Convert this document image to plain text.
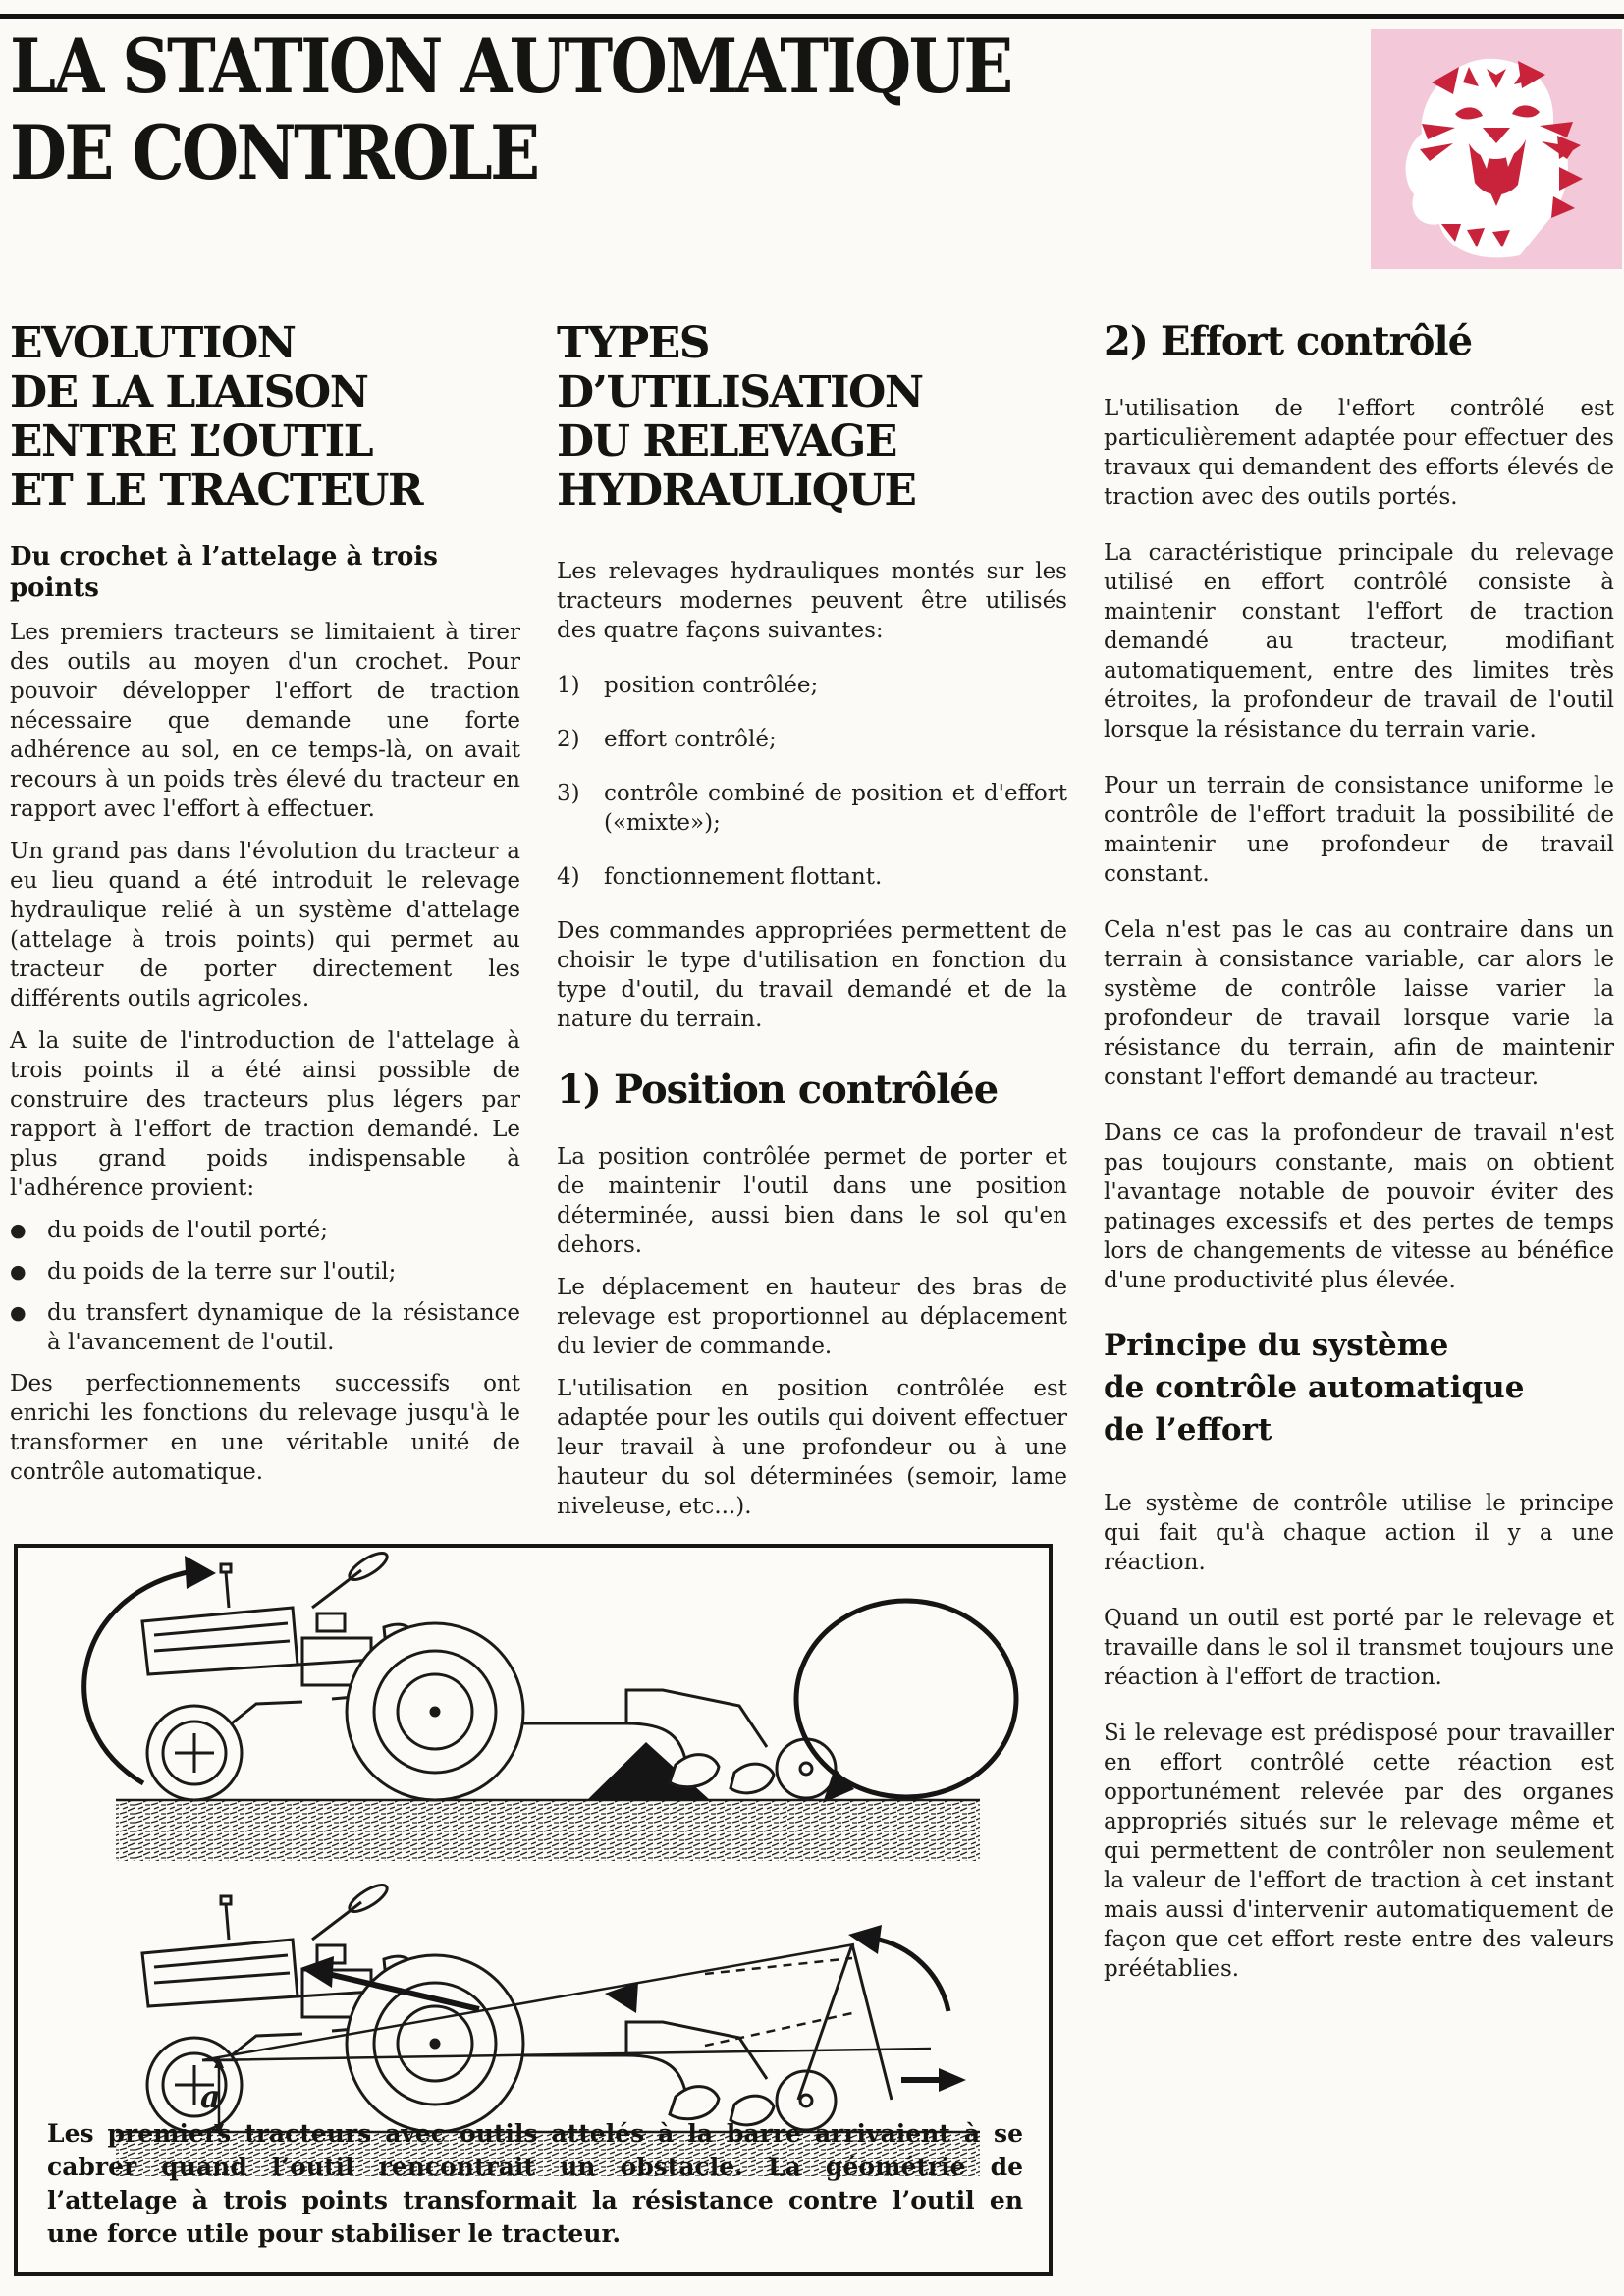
LA STATION AUTOMATIQUE
DE CONTROLE
EVOLUTION
DE LA LIAISON
ENTRE L’OUTIL
ET LE TRACTEUR
Du crochet à l’attelage à trois points

Les premiers tracteurs se limitaient à tirer des outils au moyen d'un crochet. Pour pouvoir développer l'effort de traction nécessaire que demande une forte adhérence au sol, en ce temps-là, on avait recours à un poids très élevé du tracteur en rapport avec l'effort à effectuer.

Un grand pas dans l'évolution du tracteur a eu lieu quand a été introduit le relevage hydraulique relié à un système d'attelage (attelage à trois points) qui permet au tracteur de porter directement les différents outils agricoles.

A la suite de l'introduction de l'attelage à trois points il a été ainsi possible de construire des tracteurs plus légers par rapport à l'effort de traction demandé. Le plus grand poids indispensable à l'adhérence provient:

● du poids de l'outil porté;
● du poids de la terre sur l'outil;
● du transfert dynamique de la résistance à l'avancement de l'outil.

Des perfectionnements successifs ont enrichi les fonctions du relevage jusqu'à le transformer en une véritable unité de contrôle automatique.

TYPES D’UTILISATION
DU RELEVAGE
HYDRAULIQUE

Les relevages hydrauliques montés sur les tracteurs modernes peuvent être utilisés des quatre façons suivantes:

1)	position contrôlée;
2)	effort contrôlé;
3)	contrôle combiné de position et d'effort («mixte»);
4)	fonctionnement flottant.

Des commandes appropriées permettent de choisir le type d'utilisation en fonction du type d'outil, du travail demandé et de la nature du terrain.

1) Position contrôlée

La position contrôlée permet de porter et de maintenir l'outil dans une position déterminée, aussi bien dans le sol qu'en dehors.

Le déplacement en hauteur des bras de relevage est proportionnel au déplacement du levier de commande.

L'utilisation en position contrôlée est adaptée pour les outils qui doivent effectuer leur travail à une profondeur ou à une hauteur du sol déterminées (semoir, lame niveleuse, etc...).

2) Effort contrôlé

L'utilisation de l'effort contrôlé est particulièrement adaptée pour effectuer des travaux qui demandent des efforts élevés de traction avec des outils portés.

La caractéristique principale du relevage utilisé en effort contrôlé consiste à maintenir constant l'effort de traction demandé au tracteur, modifiant automatiquement, entre des limites très étroites, la profondeur de travail de l'outil lorsque la résistance du terrain varie.

Pour un terrain de consistance uniforme le contrôle de l'effort traduit la possibilité de maintenir une profondeur de travail constant.

Cela n'est pas le cas au contraire dans un terrain à consistance variable, car alors le système de contrôle laisse varier la profondeur de travail lorsque varie la résistance du terrain, afin de maintenir constant l'effort demandé au tracteur.

Dans ce cas la profondeur de travail n'est pas toujours constante, mais on obtient l'avantage notable de pouvoir éviter des patinages excessifs et des pertes de temps lors de changements de vitesse au bénéfice d'une productivité plus élevée.

Principe du système
de contrôle automatique
de l’effort

Le système de contrôle utilise le principe qui fait qu'à chaque action il y a une réaction.

Quand un outil est porté par le relevage et travaille dans le sol il transmet toujours une réaction à l'effort de traction.

Si le relevage est prédisposé pour travailler en effort contrôlé cette réaction est opportunément relevée par des organes appropriés situés sur le relevage même et qui permettent de contrôler non seulement la valeur de l'effort de traction à cet instant mais aussi d'intervenir automatiquement de façon que cet effort reste entre des valeurs préétablies.

a
Les premiers tracteurs avec outils attelés à la barre arrivaient à se cabrer quand l’outil rencontrait un obstacle. La géométrie de l’attelage à trois points transformait la résistance contre l’outil en une force utile pour stabiliser le tracteur.
